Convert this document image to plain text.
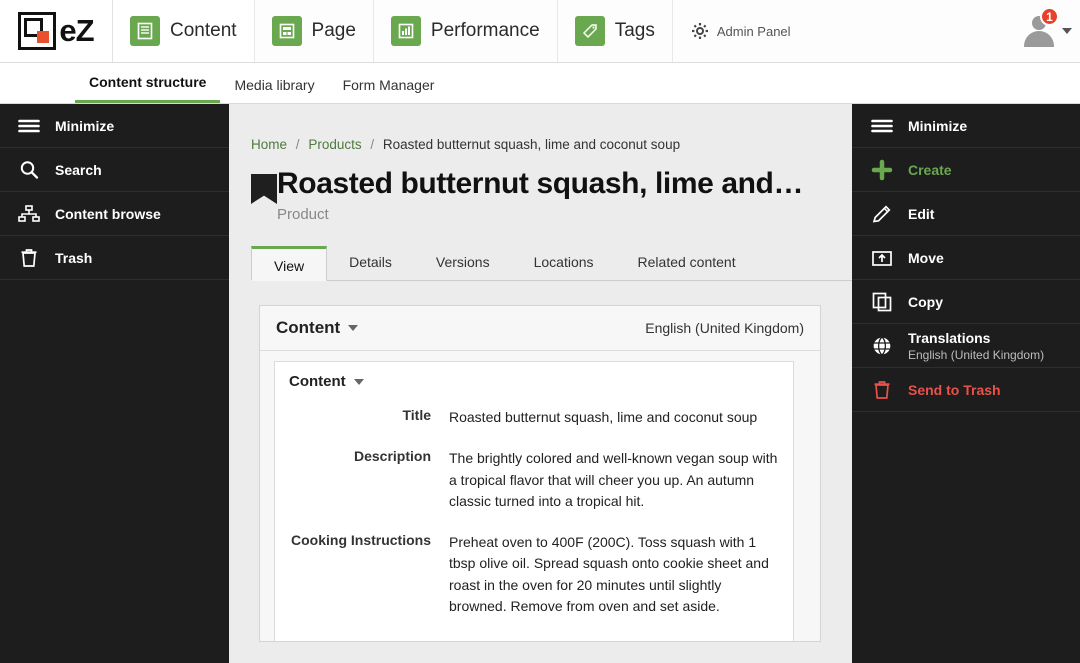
eZ	Content	Page	Performance	Tags	Admin Panel
1
Content structure	Media library	Form Manager
Minimize
Search
Content browse
Trash
Home / Products / Roasted butternut squash, lime and coconut soup
Roasted butternut squash, lime and…
Product
View	Details	Versions	Locations	Related content
Content	English (United Kingdom)
Content
Title	Roasted butternut squash, lime and coconut soup
Description	The brightly colored and well-known vegan soup with a tropical flavor that will cheer you up. An autumn classic turned into a tropical hit.
Cooking Instructions	Preheat oven to 400F (200C). Toss squash with 1 tbsp olive oil. Spread squash onto cookie sheet and roast in the oven for 20 minutes until slightly browned. Remove from oven and set aside.
Minimize
Create
Edit
Move
Copy
Translations
English (United Kingdom)
Send to Trash
